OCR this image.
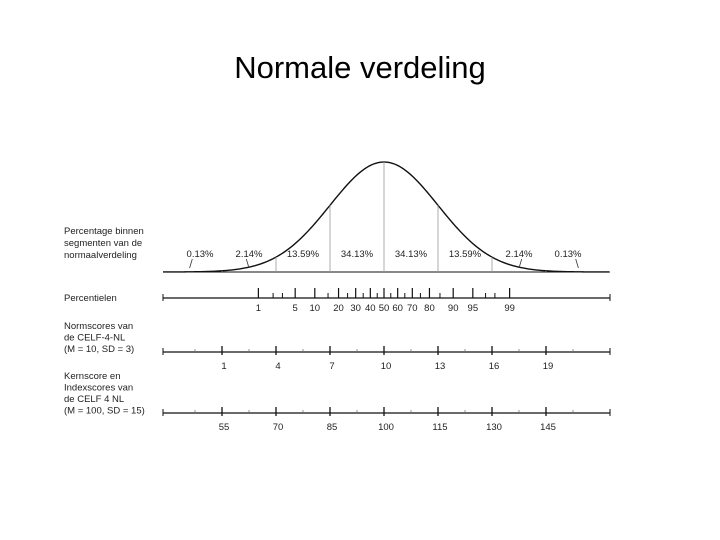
Normale verdeling
0.13% 2.14%	13.59% 34.13% 34.13% 13.59%	2.14% 0.13%
Percentage binnen
segmenten van de
normaalverdeling
Percentielen
1	5 10 20 30 40 50 60 70 80 90 95	99
Normscores van
de CELF-4-NL
(M = 10, SD = 3)
1	4	7	10	13	16	19
Kernscore en
Indexscores van
de CELF 4 NL
(M = 100, SD = 15)
55	70	85	100	115	130	145
